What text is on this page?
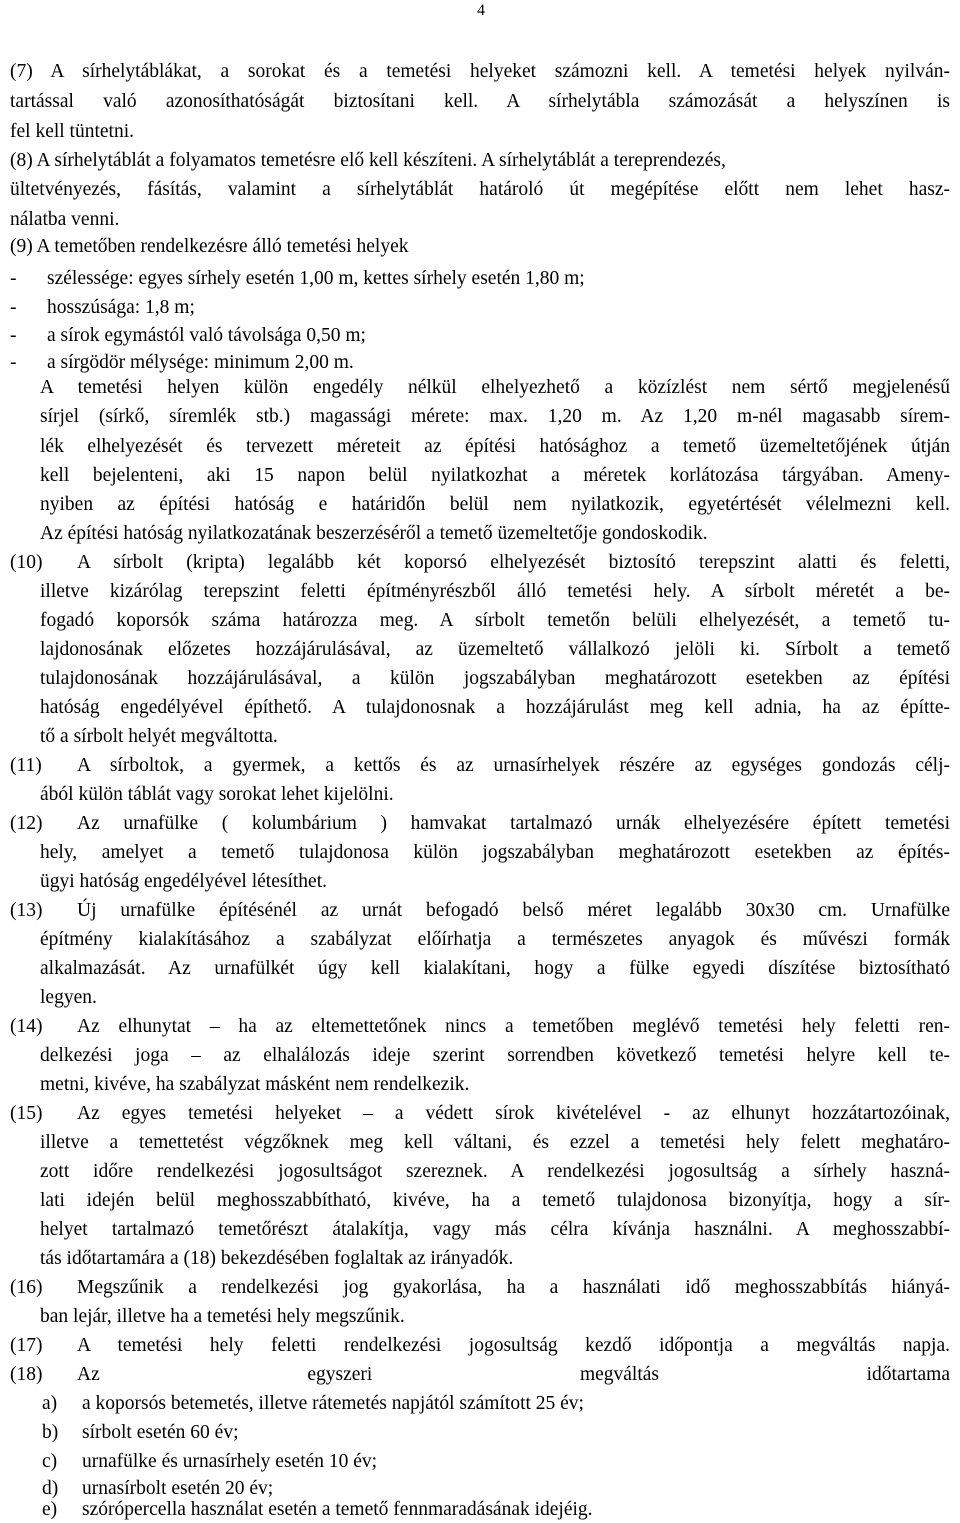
4
(7) A sírhelytáblákat, a sorokat és a temetési helyeket számozni kell. A temetési helyek nyilván-
tartással való azonosíthatóságát biztosítani kell. A sírhelytábla számozását a helyszínen is
fel kell tüntetni.
(8) A sírhelytáblát a folyamatos temetésre elő kell készíteni. A sírhelytáblát a tereprendezés,
ültetvényezés, fásítás, valamint a sírhelytáblát határoló út megépítése előtt nem lehet hasz-
nálatba venni.
(9) A temetőben rendelkezésre álló temetési helyek
-	szélessége: egyes sírhely esetén 1,00 m, kettes sírhely esetén 1,80 m;
-	hosszúsága: 1,8 m;
-	a sírok egymástól való távolsága 0,50 m;
-	a sírgödör mélysége: minimum 2,00 m.
A temetési helyen külön engedély nélkül elhelyezhető a közízlést nem sértő megjelenésű
sírjel (sírkő, síremlék stb.) magassági mérete: max. 1,20 m. Az 1,20 m-nél magasabb sírem-
lék elhelyezését és tervezett méreteit az építési hatósághoz a temető üzemeltetőjének útján
kell bejelenteni, aki 15 napon belül nyilatkozhat a méretek korlátozása tárgyában. Ameny-
nyiben az építési hatóság e határidőn belül nem nyilatkozik, egyetértését vélelmezni kell.
Az építési hatóság nyilatkozatának beszerzéséről a temető üzemeltetője gondoskodik.
(10) A sírbolt (kripta) legalább két koporsó elhelyezését biztosító terepszint alatti és feletti,
illetve kizárólag terepszint feletti építményrészből álló temetési hely. A sírbolt méretét a be-
fogadó koporsók száma határozza meg. A sírbolt temetőn belüli elhelyezését, a temető tu-
lajdonosának előzetes hozzájárulásával, az üzemeltető vállalkozó jelöli ki. Sírbolt a temető
tulajdonosának hozzájárulásával, a külön jogszabályban meghatározott esetekben az építési
hatóság engedélyével építhető. A tulajdonosnak a hozzájárulást meg kell adnia, ha az építte-
tő a sírbolt helyét megváltotta.
(11) A sírboltok, a gyermek, a kettős és az urnasírhelyek részére az egységes gondozás célj-
ából külön táblát vagy sorokat lehet kijelölni.
(12) Az urnafülke ( kolumbárium ) hamvakat tartalmazó urnák elhelyezésére épített temetési
hely, amelyet a temető tulajdonosa külön jogszabályban meghatározott esetekben az építés-
ügyi hatóság engedélyével létesíthet.
(13) Új urnafülke építésénél az urnát befogadó belső méret legalább 30x30 cm. Urnafülke
építmény kialakításához a szabályzat előírhatja a természetes anyagok és művészi formák
alkalmazását. Az urnafülkét úgy kell kialakítani, hogy a fülke egyedi díszítése biztosítható
legyen.
(14) Az elhunytat – ha az eltemettetőnek nincs a temetőben meglévő temetési hely feletti ren-
delkezési joga – az elhalálozás ideje szerint sorrendben következő temetési helyre kell te-
metni, kivéve, ha szabályzat másként nem rendelkezik.
(15) Az egyes temetési helyeket – a védett sírok kivételével - az elhunyt hozzátartozóinak,
illetve a temettetést végzőknek meg kell váltani, és ezzel a temetési hely felett meghatáro-
zott időre rendelkezési jogosultságot szereznek. A rendelkezési jogosultság a sírhely haszná-
lati idején belül meghosszabbítható, kivéve, ha a temető tulajdonosa bizonyítja, hogy a sír-
helyet tartalmazó temetőrészt átalakítja, vagy más célra kívánja használni. A meghosszabbí-
tás időtartamára a (18) bekezdésében foglaltak az irányadók.
(16) Megszűnik a rendelkezési jog gyakorlása, ha a használati idő meghosszabbítás hiányá-
ban lejár, illetve ha a temetési hely megszűnik.
(17) A temetési hely feletti rendelkezési jogosultság kezdő időpontja a megváltás napja.
(18) Az egyszeri megváltás időtartama
a) a koporsós betemetés, illetve rátemetés napjától számított 25 év;
b) sírbolt esetén 60 év;
c) urnafülke és urnasírhely esetén 10 év;
d) urnasírbolt esetén 20 év;
e) szórópercella használat esetén a temető fennmaradásának idejéig.
